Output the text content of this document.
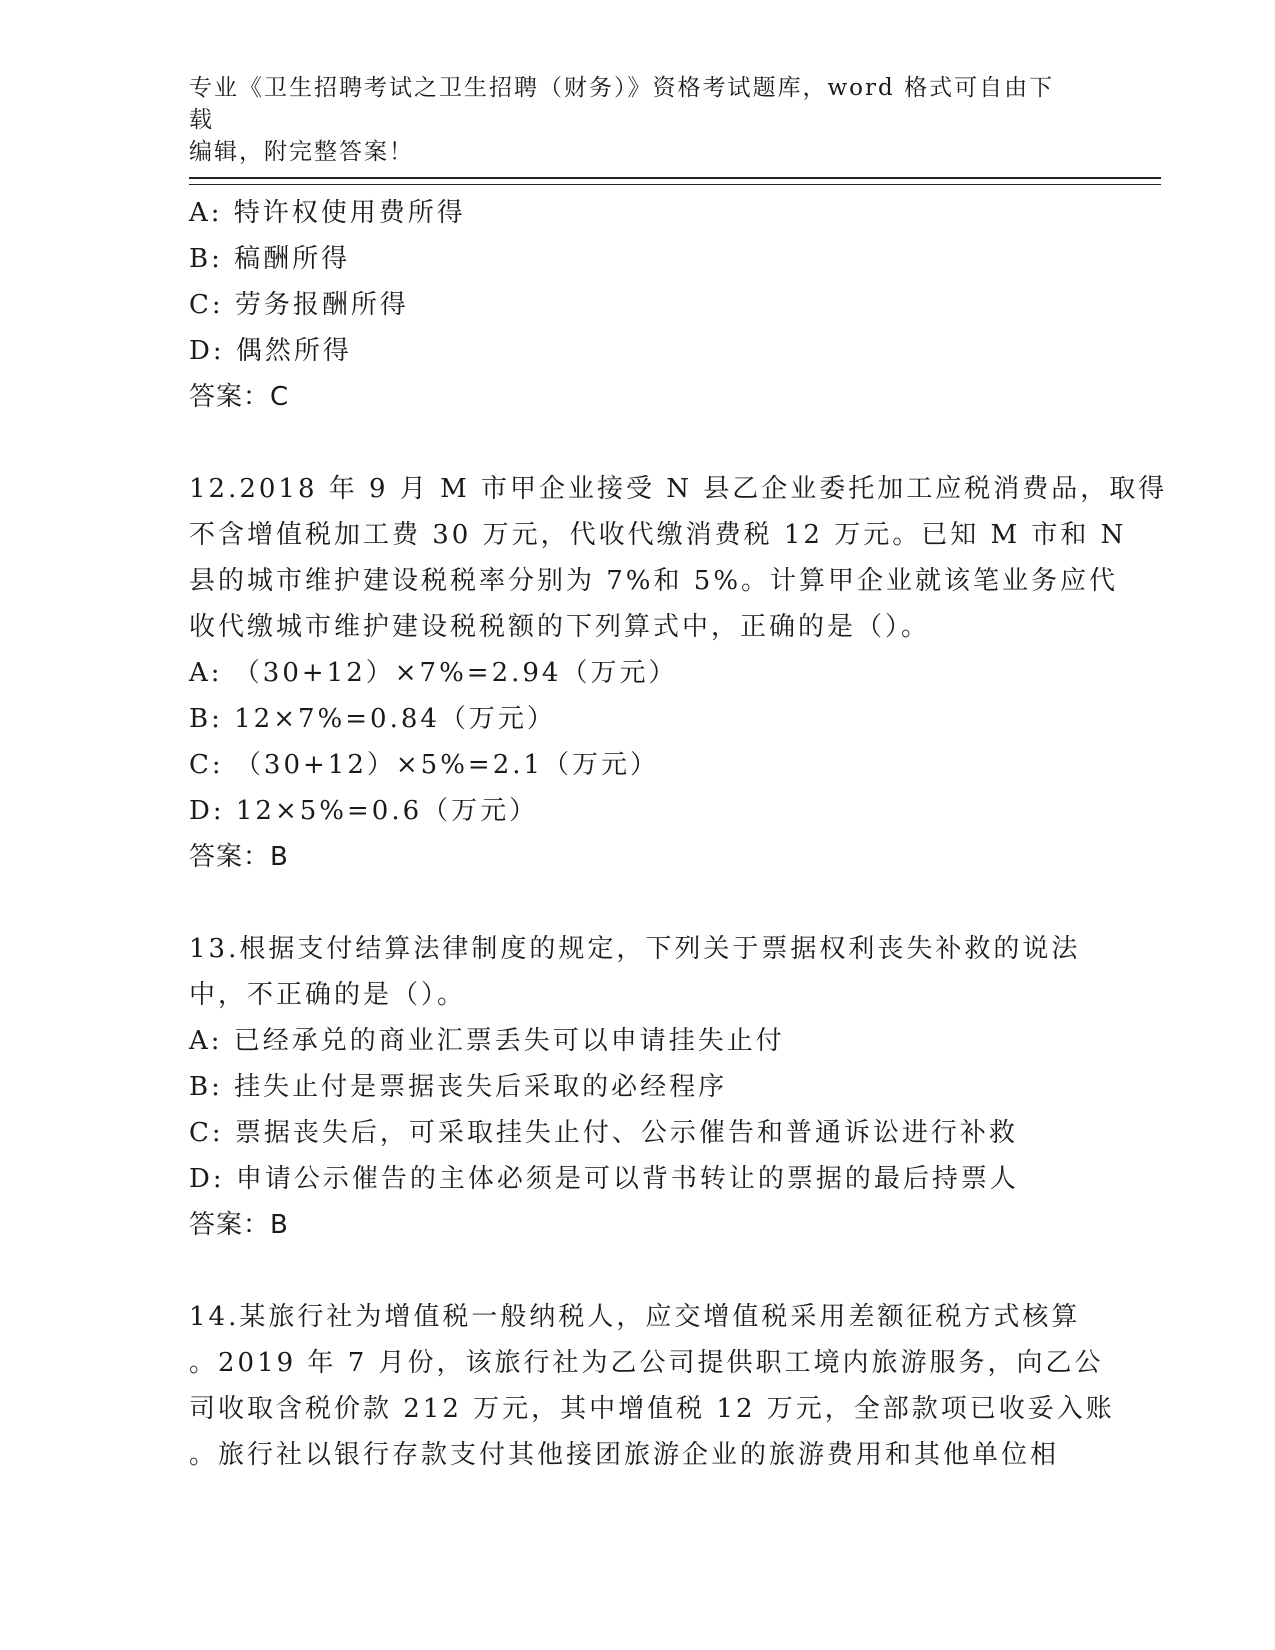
专业《卫生招聘考试之卫生招聘（财务）》资格考试题库，word 格式可自由下载
编辑，附完整答案！
A: 特许权使用费所得
B: 稿酬所得
C: 劳务报酬所得
D: 偶然所得
答案：C
12.2018 年 9 月 M 市甲企业接受 N 县乙企业委托加工应税消费品，取得
不含增值税加工费 30 万元，代收代缴消费税 12 万元。已知 M 市和 N
县的城市维护建设税税率分别为 7%和 5%。计算甲企业就该笔业务应代
收代缴城市维护建设税税额的下列算式中，正确的是（）。
A: （30+12）×7%=2.94（万元）
B: 12×7%=0.84（万元）
C: （30+12）×5%=2.1（万元）
D: 12×5%=0.6（万元）
答案：B
13.根据支付结算法律制度的规定，下列关于票据权利丧失补救的说法
中，不正确的是（）。
A: 已经承兑的商业汇票丢失可以申请挂失止付
B: 挂失止付是票据丧失后采取的必经程序
C: 票据丧失后，可采取挂失止付、公示催告和普通诉讼进行补救
D: 申请公示催告的主体必须是可以背书转让的票据的最后持票人
答案：B
14.某旅行社为增值税一般纳税人，应交增值税采用差额征税方式核算
。2019 年 7 月份，该旅行社为乙公司提供职工境内旅游服务，向乙公
司收取含税价款 212 万元，其中增值税 12 万元，全部款项已收妥入账
。旅行社以银行存款支付其他接团旅游企业的旅游费用和其他单位相
